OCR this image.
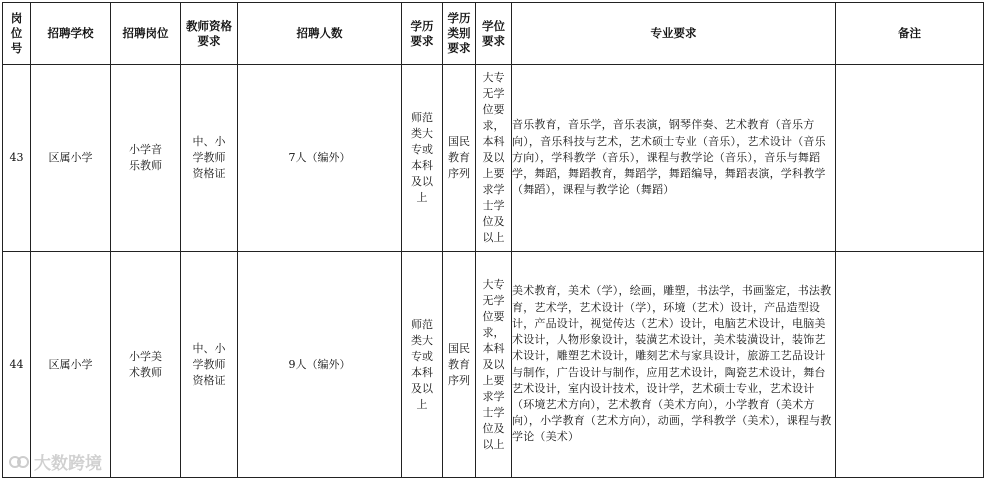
岗位号	招聘学校	招聘岗位	教师资格要求	招聘人数	学历要求	学历类别要求	学位要求	专业要求	备注
43	区属小学	小学音乐教师	中、小学教师资格证	7人（编外）	师范类大专或本科及以上	国民教育序列	大专无学位要求，本科及以上要求学士学位及以上	音乐教育，音乐学，音乐表演，钢琴伴奏、艺术教育（音乐方向），音乐科技与艺术，艺术硕士专业（音乐），艺术设计（音乐方向），学科教学（音乐），课程与教学论（音乐），音乐与舞蹈学，舞蹈，舞蹈教育，舞蹈学，舞蹈编导，舞蹈表演，学科教学（舞蹈），课程与教学论（舞蹈）	
44	区属小学	小学美术教师	中、小学教师资格证	9人（编外）	师范类大专或本科及以上	国民教育序列	大专无学位要求，本科及以上要求学士学位及以上	美术教育，美术（学），绘画，雕塑，书法学，书画鉴定，书法教育，艺术学，艺术设计（学），环境（艺术）设计，产品造型设计，产品设计，视觉传达（艺术）设计，电脑艺术设计，电脑美术设计，人物形象设计，装潢艺术设计，美术装潢设计，装饰艺术设计，雕塑艺术设计，雕刻艺术与家具设计，旅游工艺品设计与制作，广告设计与制作，应用艺术设计，陶瓷艺术设计，舞台艺术设计，室内设计技术，设计学，艺术硕士专业，艺术设计（环境艺术方向），艺术教育（美术方向），小学教育（美术方向），小学教育（艺术方向），动画，学科教学（美术），课程与教学论（美术）	
大数跨境
